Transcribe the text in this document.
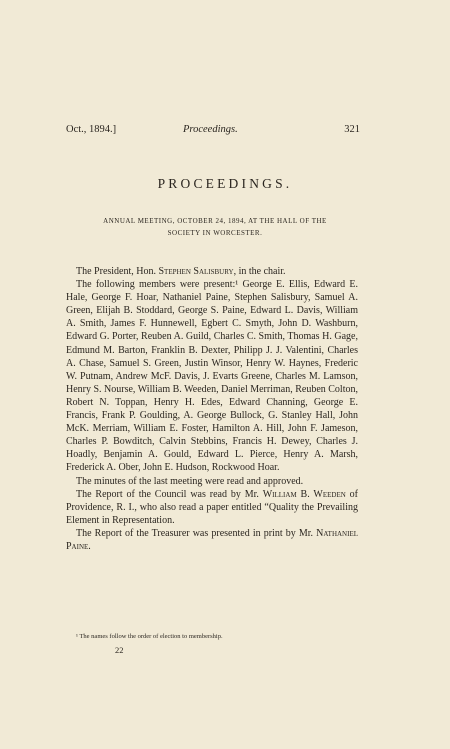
Oct., 1894.]	Proceedings.	321
PROCEEDINGS.
ANNUAL MEETING, OCTOBER 24, 1894, AT THE HALL OF THE
SOCIETY IN WORCESTER.

The President, Hon. Stephen Salisbury, in the chair.

The following members were present:¹ George E. Ellis, Edward E. Hale, George F. Hoar, Nathaniel Paine, Stephen Salisbury, Samuel A. Green, Elijah B. Stoddard, George S. Paine, Edward L. Davis, William A. Smith, James F. Hunnewell, Egbert C. Smyth, John D. Washburn, Edward G. Porter, Reuben A. Guild, Charles C. Smith, Thomas H. Gage, Edmund M. Barton, Franklin B. Dexter, Philipp J. J. Valentini, Charles A. Chase, Samuel S. Green, Justin Winsor, Henry W. Haynes, Frederic W. Putnam, Andrew McF. Davis, J. Evarts Greene, Charles M. Lamson, Henry S. Nourse, William B. Weeden, Daniel Merriman, Reuben Colton, Robert N. Toppan, Henry H. Edes, Edward Channing, George E. Francis, Frank P. Goulding, A. George Bullock, G. Stanley Hall, John McK. Merriam, William E. Foster, Hamilton A. Hill, John F. Jameson, Charles P. Bowditch, Calvin Stebbins, Francis H. Dewey, Charles J. Hoadly, Benjamin A. Gould, Edward L. Pierce, Henry A. Marsh, Frederick A. Ober, John E. Hudson, Rockwood Hoar.

The minutes of the last meeting were read and approved.

The Report of the Council was read by Mr. William B. Weeden of Providence, R. I., who also read a paper entitled “Quality the Prevailing Element in Representation.

The Report of the Treasurer was presented in print by Mr. Nathaniel Paine.

¹ The names follow the order of election to membership.
22
